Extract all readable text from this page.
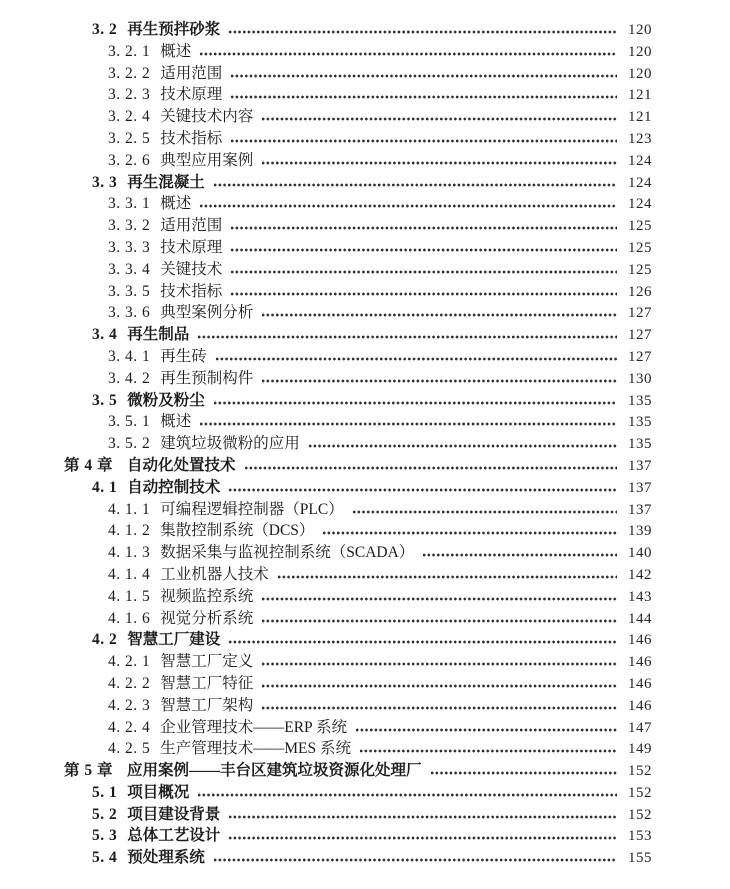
3. 2 再生预拌砂浆	120
3. 2. 1 概述	120
3. 2. 2 适用范围	120
3. 2. 3 技术原理	121
3. 2. 4 关键技术内容	121
3. 2. 5 技术指标	123
3. 2. 6 典型应用案例	124
3. 3 再生混凝土	124
3. 3. 1 概述	124
3. 3. 2 适用范围	125
3. 3. 3 技术原理	125
3. 3. 4 关键技术	125
3. 3. 5 技术指标	126
3. 3. 6 典型案例分析	127
3. 4 再生制品	127
3. 4. 1 再生砖	127
3. 4. 2 再生预制构件	130
3. 5 微粉及粉尘	135
3. 5. 1 概述	135
3. 5. 2 建筑垃圾微粉的应用	135
第 4 章 自动化处置技术	137
4. 1 自动控制技术	137
4. 1. 1 可编程逻辑控制器（PLC）	137
4. 1. 2 集散控制系统（DCS）	139
4. 1. 3 数据采集与监视控制系统（SCADA）	140
4. 1. 4 工业机器人技术	142
4. 1. 5 视频监控系统	143
4. 1. 6 视觉分析系统	144
4. 2 智慧工厂建设	146
4. 2. 1 智慧工厂定义	146
4. 2. 2 智慧工厂特征	146
4. 2. 3 智慧工厂架构	146
4. 2. 4 企业管理技术——ERP 系统	147
4. 2. 5 生产管理技术——MES 系统	149
第 5 章 应用案例——丰台区建筑垃圾资源化处理厂	152
5. 1 项目概况	152
5. 2 项目建设背景	152
5. 3 总体工艺设计	153
5. 4 预处理系统	155
